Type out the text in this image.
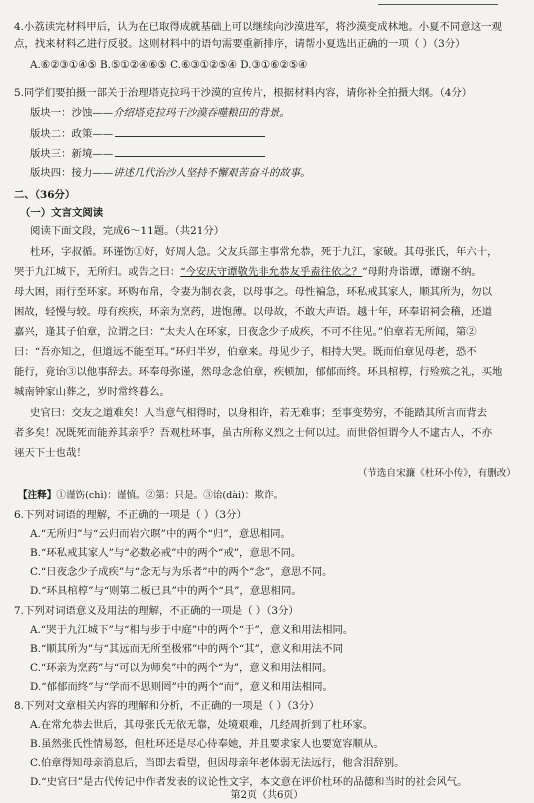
4.小荔读完材料甲后，认为在已取得成就基础上可以继续向沙漠进军，将沙漠变成林地。小夏不同意这一观
点，找来材料乙进行反驳。这则材料中的语句需要重新排序，请帮小夏选出正确的一项（ ）（3分）
A.⑥②③①④⑤ B.⑤①②④⑥⑤ C.⑥③①②⑤④ D.③①⑥②⑤④
5.同学们要拍摄一部关于治理塔克拉玛干沙漠的宣传片，根据材料内容，请你补全拍摄大纲。（4分）
版块一：沙蚀——介绍塔克拉玛干沙漠吞噬粮田的背景。
版块二：政策——
版块三：新境——
版块四：接力——讲述几代治沙人坚持不懈艰苦奋斗的故事。
二、（36分）
（一）文言文阅读
阅读下面文段，完成6～11题。（共21分）
杜环，字叔循。环谨饬①好，好周人急。父友兵部主事常允恭，死于九江，家破。其母张氏，年六十，
哭于九江城下，无所归。或告之曰：“今安庆守谭敬先非允恭友乎盍往依之？”母附舟诣谭，谭谢不纳。
母大困，雨行至环家。环购布帛，令妻为制衣衾，以母事之。母性褊急，环私戒其家人，顺其所为，勿以
困故，轻慢与较。母有疾疾，环亲为烹药，进饱薄。以母故，不敢大声语。越十年，环奉诏祠会稽，还道
嘉兴，逢其子伯章，泣谓之曰：“太夫人在环家，日夜念少子成疾，不可不往见。”伯章若无所闻，第②
曰：“吾亦知之，但道远不能至耳。”环归半岁，伯章来。母见少子，相持大哭。既而伯章见母老，恐不
能行，竟诒③以他事辞去。环奉母弥谨，然母念念伯章，疾顿加，郁郁而终。环具棺椁，行殓殡之礼，买地
城南钟家山葬之，岁时常终暮么。
史官曰：交友之道难矣！人当意气相得时，以身相许，若无难事；至事变势穷，不能踏其所言而背去
者多矣！况既死而能养其亲乎？吾观杜环事，虽古所称义烈之士何以过。而世俗恒谓今人不逮古人，不亦
诬天下士也哉！
（节选自宋濂《杜环小传》，有删改）
【注释】①谨饬(chì)：谨慎。②第：只是。③诒(dài)：欺诈。
6.下列对词语的理解，不正确的一项是（ ）（3分）
A.“无所归”与“云归而岩穴暝”中的两个“归”，意思相同。
B.“环私戒其家人”与“必数必戒”中的两个“戒”，意思不同。
C.“日夜念少子成疾”与“念无与为乐者”中的两个“念”，意思不同。
D.“环具棺椁”与“则第二板已具”中的两个“具”，意思相同。
7.下列对词语意义及用法的理解，不正确的一项是（ ）（3分）
A.“哭于九江城下”与“相与步于中庭”中的两个“于”，意义和用法相同。
B.“顺其所为”与“其远而无所至极邪”中的两个“其”，意义和用法不同
C.“环亲为烹药”与“可以为师矣”中的两个“为”，意义和用法相同。
D.“郁郁而终”与“学而不思则罔”中的两个“而”，意义和用法相同。
8.下列对文章相关内容的理解和分析，不正确的一项是（ ）（3分）
A.在常允恭去世后，其母张氏无依无靠，处境艰难，几经周折到了杜环家。
B.虽然张氏性情易怒，但杜环还是尽心侍奉她，并且要求家人也要宽容顺从。
C.伯章得知母亲消息后，当即去看望，但因母亲年老体弱无法远行，他含泪辞别。
D.“史官曰”是古代传记中作者发表的议论性文字，本文意在评价杜环的品德和当时的社会风气。
第2页（共6页）
